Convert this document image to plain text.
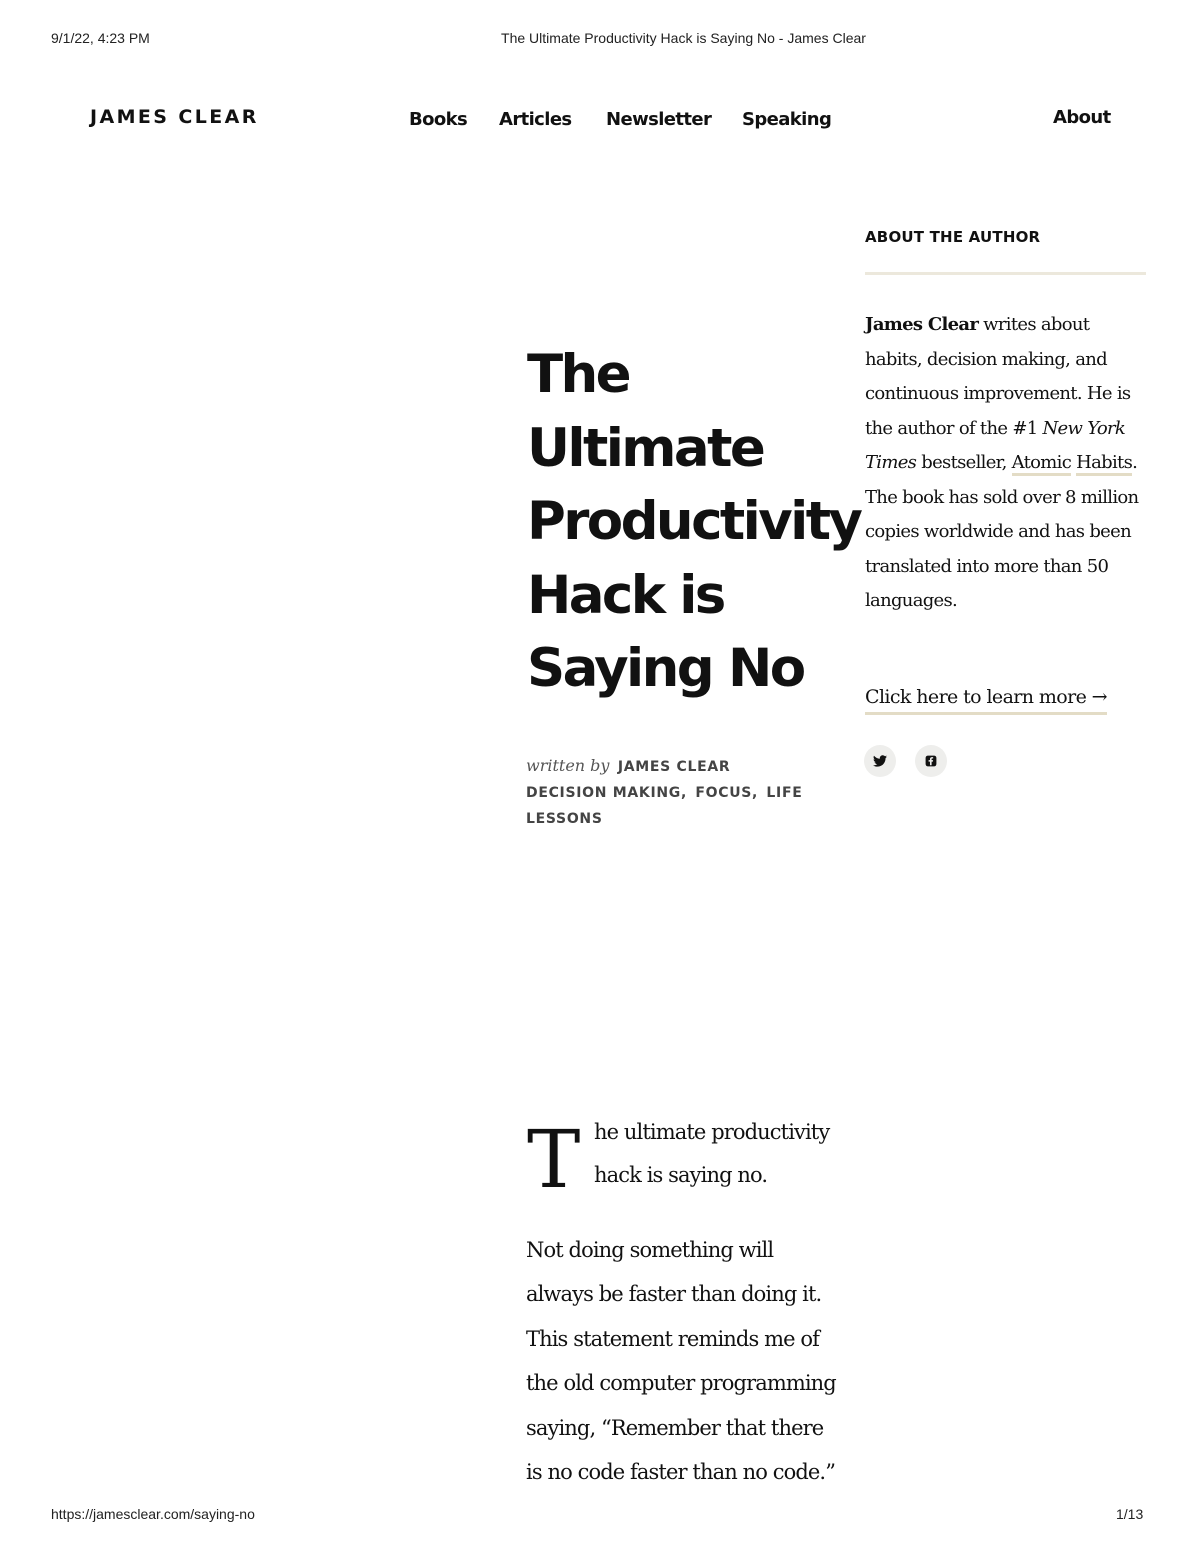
9/1/22, 4:23 PM	The Ultimate Productivity Hack is Saying No - James Clear
JAMES CLEAR	Books Articles Newsletter Speaking	About
ABOUT THE AUTHOR

James Clear writes about habits, decision making, and continuous improvement. He is the author of the #1 New York Times bestseller, Atomic Habits. The book has sold over 8 million copies worldwide and has been translated into more than 50 languages.

Click here to learn more →
The
Ultimate
Productivity
Hack is
Saying No
written by JAMES CLEAR
DECISION MAKING, FOCUS, LIFE
LESSONS
T he ultimate productivity
hack is saying no.
Not doing something will
always be faster than doing it.
This statement reminds me of
the old computer programming
saying, “Remember that there
is no code faster than no code.”
https://jamesclear.com/saying-no	1/13
